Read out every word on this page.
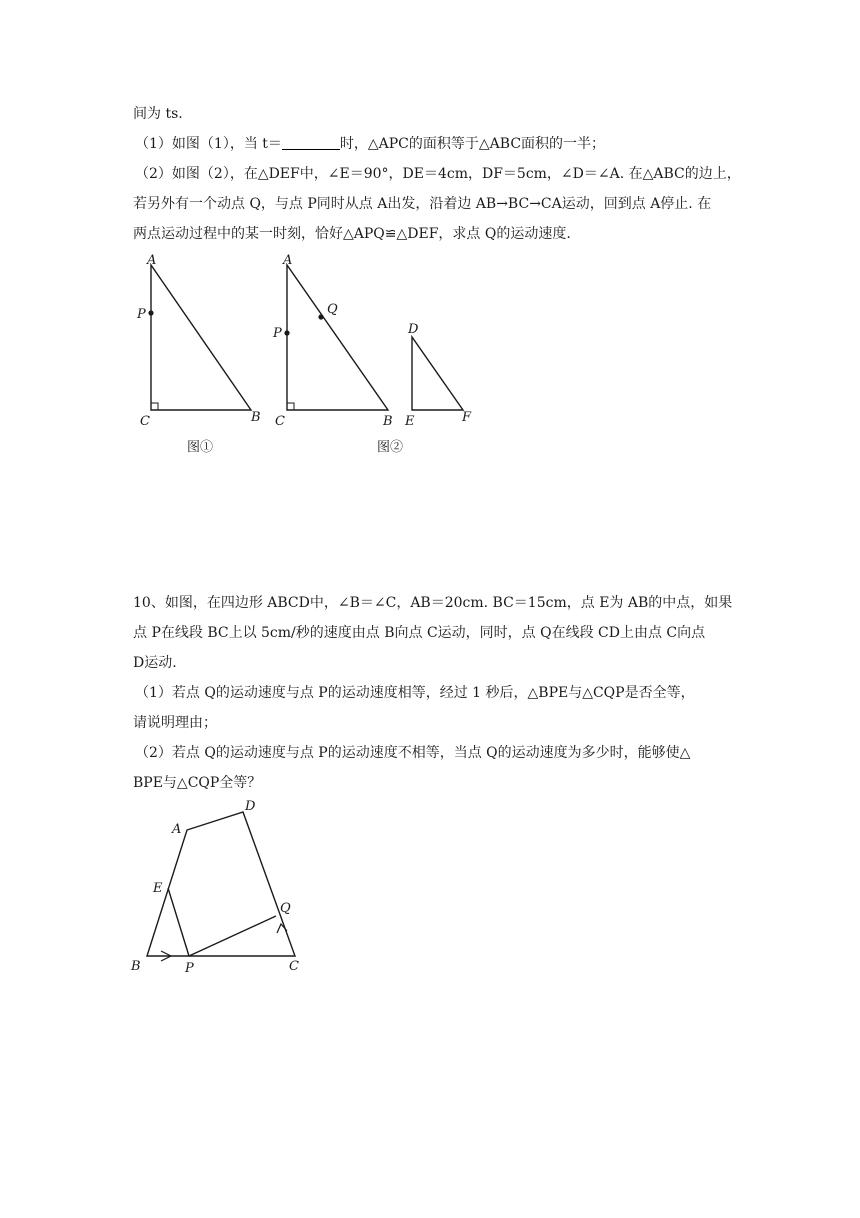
间为 ts.
（1）如图（1），当 t＝	时，△APC的面积等于△ABC面积的一半；
（2）如图（2），在△DEF中，∠E＝90°，DE＝4cm，DF＝5cm，∠D＝∠A. 在△ABC的边上，
若另外有一个动点 Q，与点 P同时从点 A出发，沿着边 AB→BC→CA运动，回到点 A停止. 在
两点运动过程中的某一时刻，恰好△APQ≌△DEF，求点 Q的运动速度.
A
P
C	B
图①
A
Q
P
C	B
D
E	F
图②
10、如图，在四边形 ABCD中，∠B＝∠C，AB＝20cm. BC＝15cm，点 E为 AB的中点，如果
点 P在线段 BC上以 5cm/秒的速度由点 B向点 C运动，同时，点 Q在线段 CD上由点 C向点
D运动.
（1）若点 Q的运动速度与点 P的运动速度相等，经过 1 秒后，△BPE与△CQP是否全等，
请说明理由；
（2）若点 Q的运动速度与点 P的运动速度不相等，当点 Q的运动速度为多少时，能够使△
BPE与△CQP全等？
A
D
E
Q
B	P	C
